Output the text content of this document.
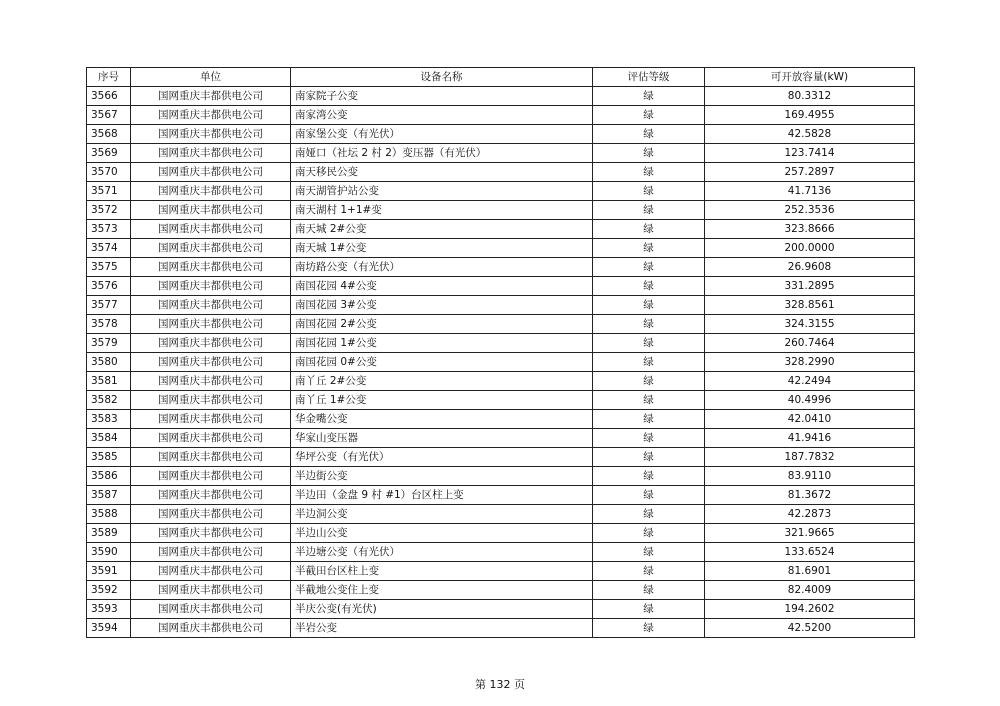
序号	单位	设备名称	评估等级	可开放容量(kW)
3566	国网重庆丰都供电公司	南家院子公变	绿	80.3312
3567	国网重庆丰都供电公司	南家湾公变	绿	169.4955
3568	国网重庆丰都供电公司	南家堡公变（有光伏）	绿	42.5828
3569	国网重庆丰都供电公司	南娅口（社坛 2 村 2）变压器（有光伏）	绿	123.7414
3570	国网重庆丰都供电公司	南天移民公变	绿	257.2897
3571	国网重庆丰都供电公司	南天湖管护站公变	绿	41.7136
3572	国网重庆丰都供电公司	南天湖村 1+1#变	绿	252.3536
3573	国网重庆丰都供电公司	南天城 2#公变	绿	323.8666
3574	国网重庆丰都供电公司	南天城 1#公变	绿	200.0000
3575	国网重庆丰都供电公司	南坊路公变（有光伏）	绿	26.9608
3576	国网重庆丰都供电公司	南国花园 4#公变	绿	331.2895
3577	国网重庆丰都供电公司	南国花园 3#公变	绿	328.8561
3578	国网重庆丰都供电公司	南国花园 2#公变	绿	324.3155
3579	国网重庆丰都供电公司	南国花园 1#公变	绿	260.7464
3580	国网重庆丰都供电公司	南国花园 0#公变	绿	328.2990
3581	国网重庆丰都供电公司	南丫丘 2#公变	绿	42.2494
3582	国网重庆丰都供电公司	南丫丘 1#公变	绿	40.4996
3583	国网重庆丰都供电公司	华金嘴公变	绿	42.0410
3584	国网重庆丰都供电公司	华家山变压器	绿	41.9416
3585	国网重庆丰都供电公司	华坪公变（有光伏）	绿	187.7832
3586	国网重庆丰都供电公司	半边街公变	绿	83.9110
3587	国网重庆丰都供电公司	半边田（金盘 9 村 #1）台区柱上变	绿	81.3672
3588	国网重庆丰都供电公司	半边洞公变	绿	42.2873
3589	国网重庆丰都供电公司	半边山公变	绿	321.9665
3590	国网重庆丰都供电公司	半边塘公变（有光伏）	绿	133.6524
3591	国网重庆丰都供电公司	半截田台区柱上变	绿	81.6901
3592	国网重庆丰都供电公司	半截地公变住上变	绿	82.4009
3593	国网重庆丰都供电公司	半庆公变(有光伏)	绿	194.2602
3594	国网重庆丰都供电公司	半岩公变	绿	42.5200
第 132 页
